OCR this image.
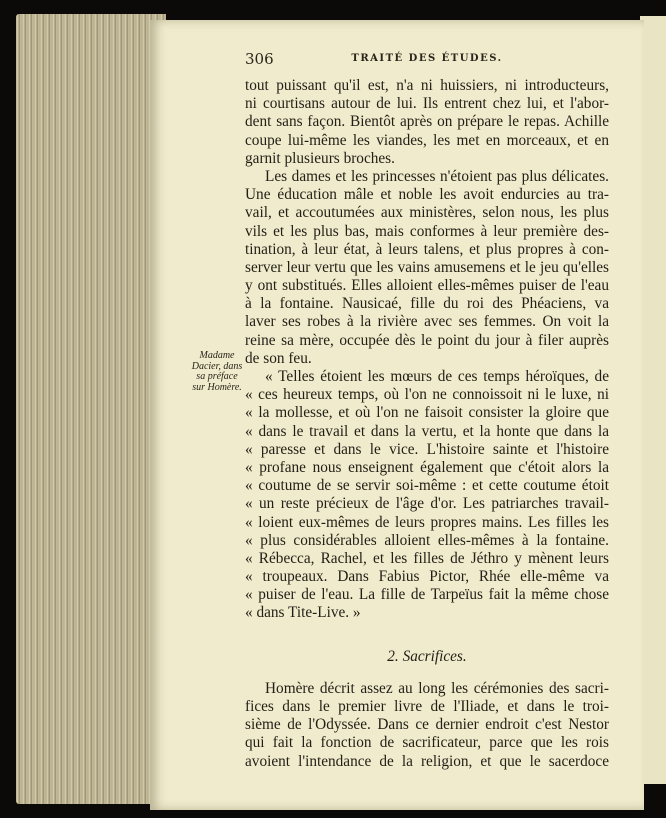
306	TRAITÉ DES ÉTUDES.
Madame
Dacier, dans
sa préface
sur Homère.
tout puissant qu'il est, n'a ni huissiers, ni introducteurs,
ni courtisans autour de lui. Ils entrent chez lui, et l'abor-
dent sans façon. Bientôt après on prépare le repas. Achille
coupe lui-même les viandes, les met en morceaux, et en
garnit plusieurs broches.
Les dames et les princesses n'étoient pas plus délicates.
Une éducation mâle et noble les avoit endurcies au tra-
vail, et accoutumées aux ministères, selon nous, les plus
vils et les plus bas, mais conformes à leur première des-
tination, à leur état, à leurs talens, et plus propres à con-
server leur vertu que les vains amusemens et le jeu qu'elles
y ont substitués. Elles alloient elles-mêmes puiser de l'eau
à la fontaine. Nausicaé, fille du roi des Phéaciens, va
laver ses robes à la rivière avec ses femmes. On voit la
reine sa mère, occupée dès le point du jour à filer auprès
de son feu.
« Telles étoient les mœurs de ces temps héroïques, de
« ces heureux temps, où l'on ne connoissoit ni le luxe, ni
« la mollesse, et où l'on ne faisoit consister la gloire que
« dans le travail et dans la vertu, et la honte que dans la
« paresse et dans le vice. L'histoire sainte et l'histoire
« profane nous enseignent également que c'étoit alors la
« coutume de se servir soi-même : et cette coutume étoit
« un reste précieux de l'âge d'or. Les patriarches travail-
« loient eux-mêmes de leurs propres mains. Les filles les
« plus considérables alloient elles-mêmes à la fontaine.
« Rébecca, Rachel, et les filles de Jéthro y mènent leurs
« troupeaux. Dans Fabius Pictor, Rhée elle-même va
« puiser de l'eau. La fille de Tarpeïus fait la même chose
« dans Tite-Live. »
2. Sacrifices.
Homère décrit assez au long les cérémonies des sacri-
fices dans le premier livre de l'Iliade, et dans le troi-
sième de l'Odyssée. Dans ce dernier endroit c'est Nestor
qui fait la fonction de sacrificateur, parce que les rois
avoient l'intendance de la religion, et que le sacerdoce
